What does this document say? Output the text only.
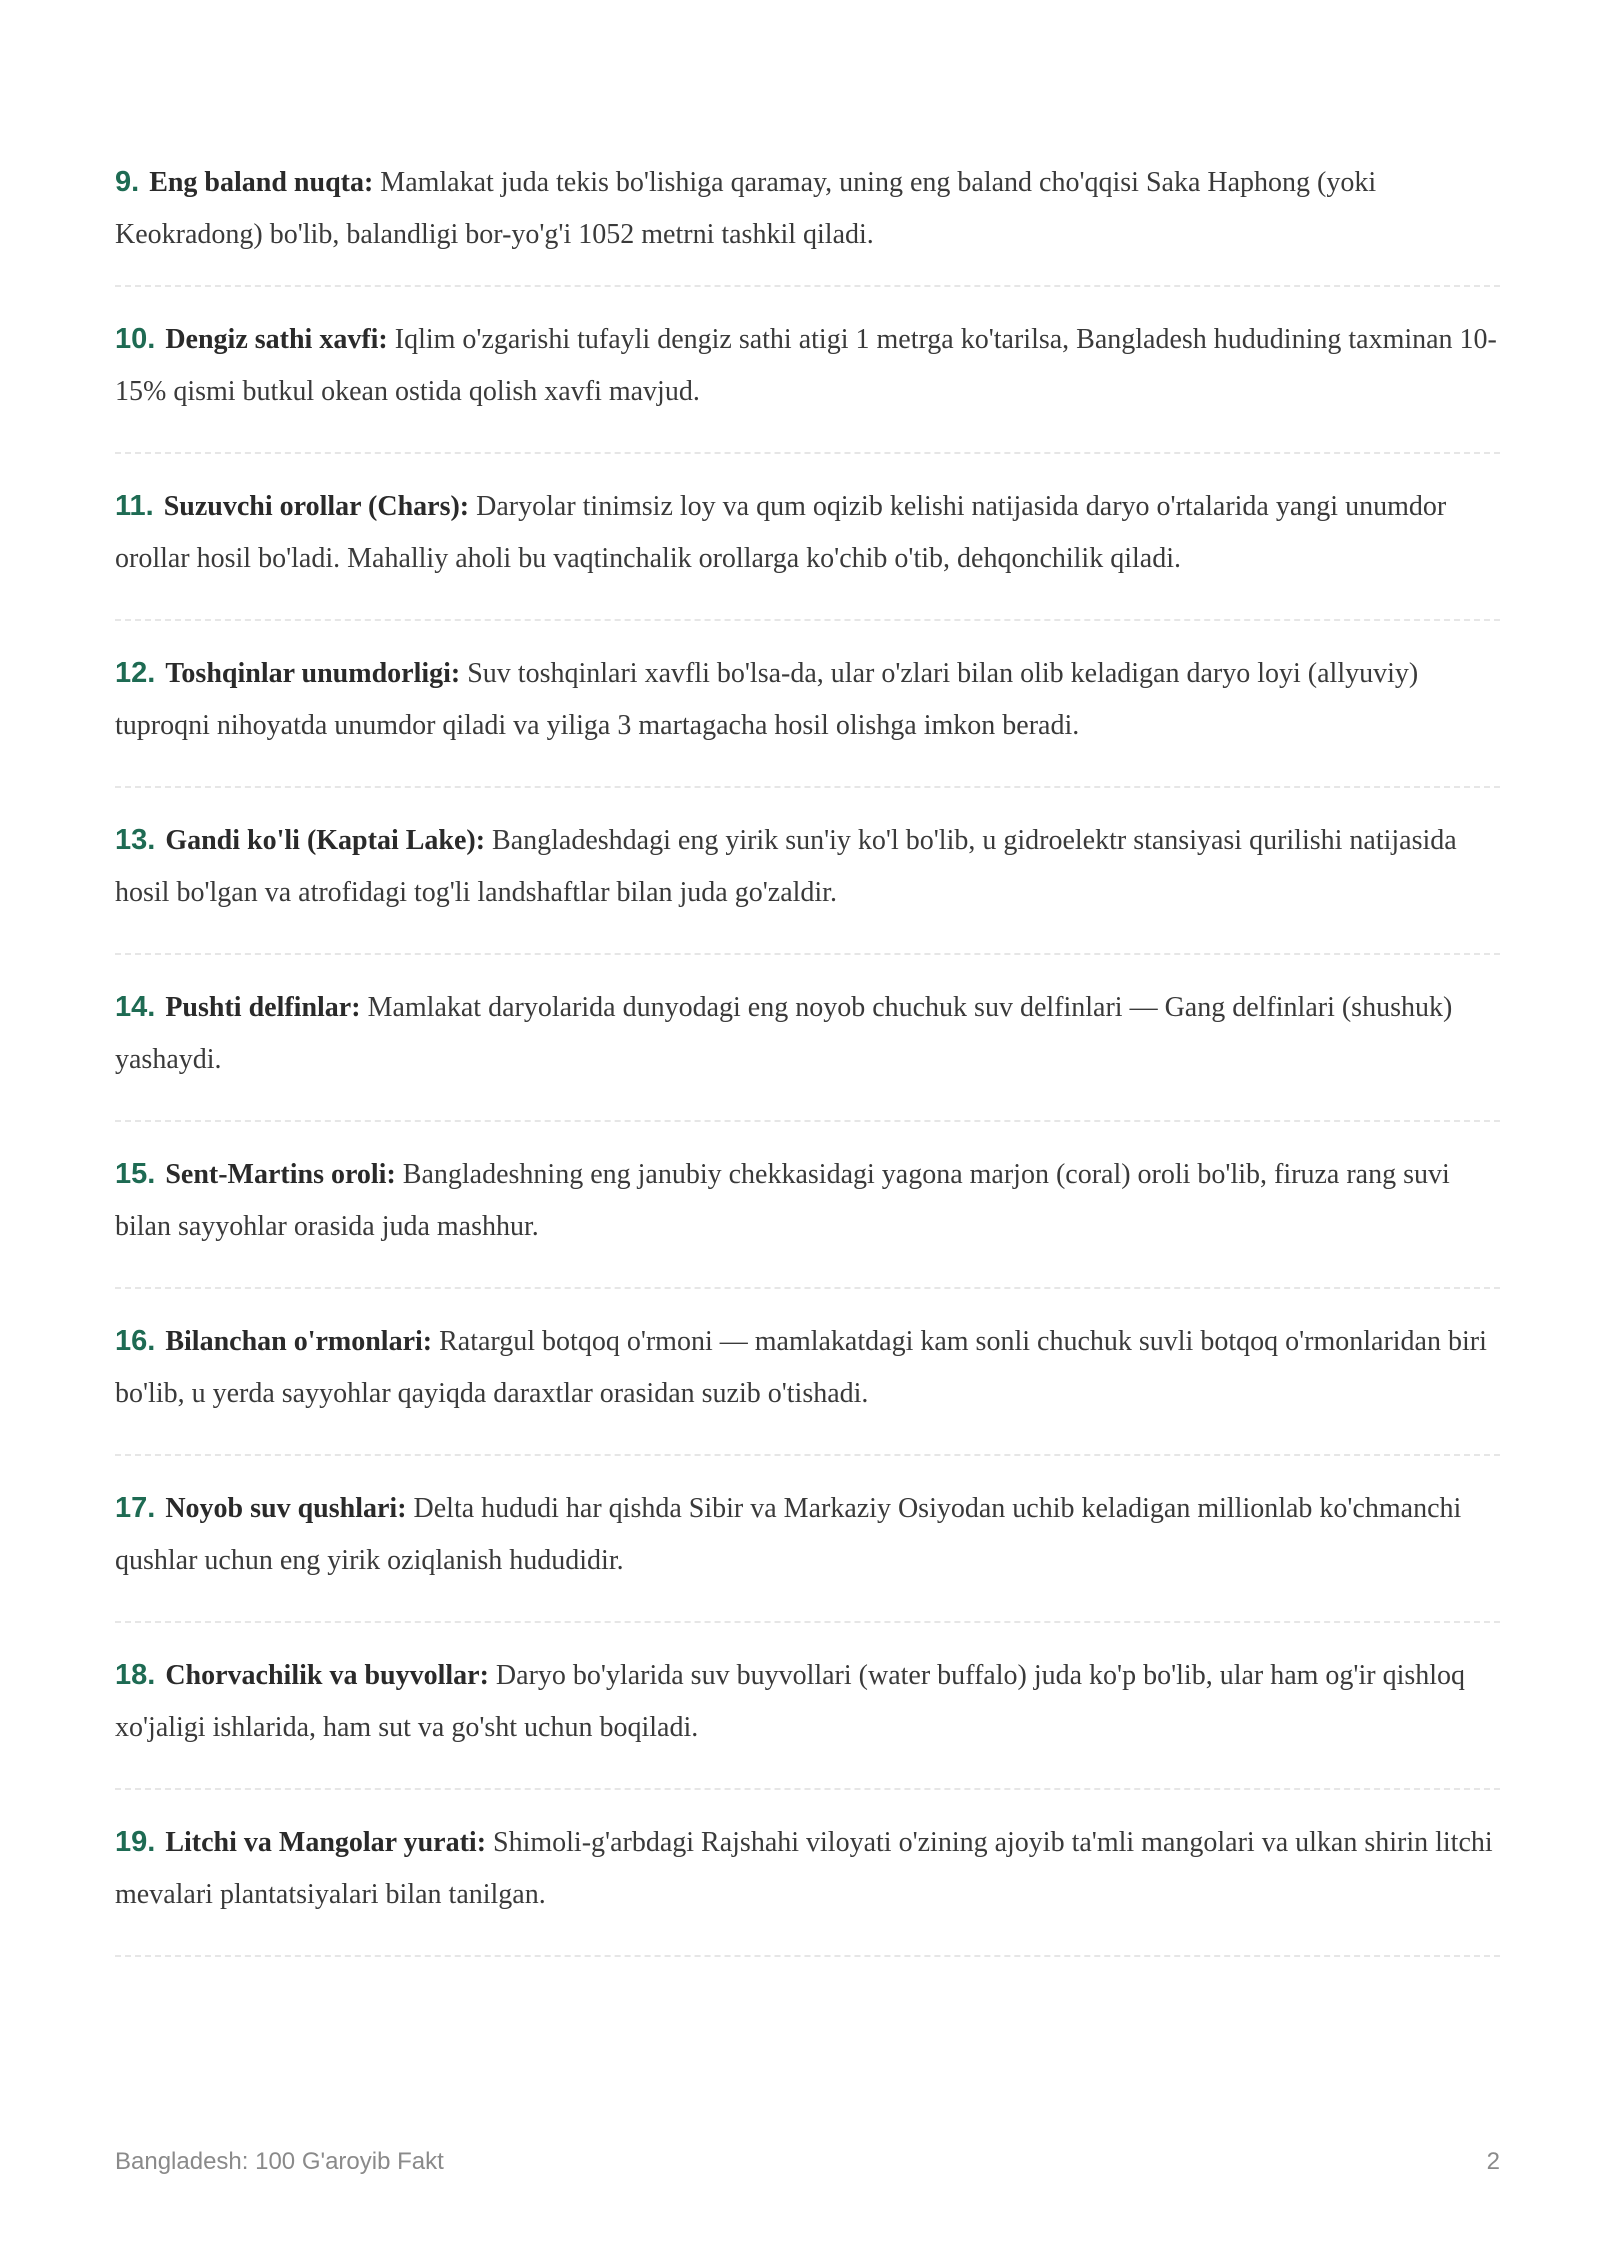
9. Eng baland nuqta: Mamlakat juda tekis bo'lishiga qaramay, uning eng baland cho'qqisi Saka Haphong (yoki Keokradong) bo'lib, balandligi bor-yo'g'i 1052 metrni tashkil qiladi.

10. Dengiz sathi xavfi: Iqlim o'zgarishi tufayli dengiz sathi atigi 1 metrga ko'tarilsa, Bangladesh hududining taxminan 10-15% qismi butkul okean ostida qolish xavfi mavjud.

11. Suzuvchi orollar (Chars): Daryolar tinimsiz loy va qum oqizib kelishi natijasida daryo o'rtalarida yangi unumdor orollar hosil bo'ladi. Mahalliy aholi bu vaqtinchalik orollarga ko'chib o'tib, dehqonchilik qiladi.

12. Toshqinlar unumdorligi: Suv toshqinlari xavfli bo'lsa-da, ular o'zlari bilan olib keladigan daryo loyi (allyuviy) tuproqni nihoyatda unumdor qiladi va yiliga 3 martagacha hosil olishga imkon beradi.

13. Gandi ko'li (Kaptai Lake): Bangladeshdagi eng yirik sun'iy ko'l bo'lib, u gidroelektr stansiyasi qurilishi natijasida hosil bo'lgan va atrofidagi tog'li landshaftlar bilan juda go'zaldir.

14. Pushti delfinlar: Mamlakat daryolarida dunyodagi eng noyob chuchuk suv delfinlari — Gang delfinlari (shushuk) yashaydi.

15. Sent-Martins oroli: Bangladeshning eng janubiy chekkasidagi yagona marjon (coral) oroli bo'lib, firuza rang suvi bilan sayyohlar orasida juda mashhur.

16. Bilanchan o'rmonlari: Ratargul botqoq o'rmoni — mamlakatdagi kam sonli chuchuk suvli botqoq o'rmonlaridan biri bo'lib, u yerda sayyohlar qayiqda daraxtlar orasidan suzib o'tishadi.

17. Noyob suv qushlari: Delta hududi har qishda Sibir va Markaziy Osiyodan uchib keladigan millionlab ko'chmanchi qushlar uchun eng yirik oziqlanish hududidir.

18. Chorvachilik va buyvollar: Daryo bo'ylarida suv buyvollari (water buffalo) juda ko'p bo'lib, ular ham og'ir qishloq xo'jaligi ishlarida, ham sut va go'sht uchun boqiladi.

19. Litchi va Mangolar yurati: Shimoli-g'arbdagi Rajshahi viloyati o'zining ajoyib ta'mli mangolari va ulkan shirin litchi mevalari plantatsiyalari bilan tanilgan.

Bangladesh: 100 G'aroyib Fakt	2
